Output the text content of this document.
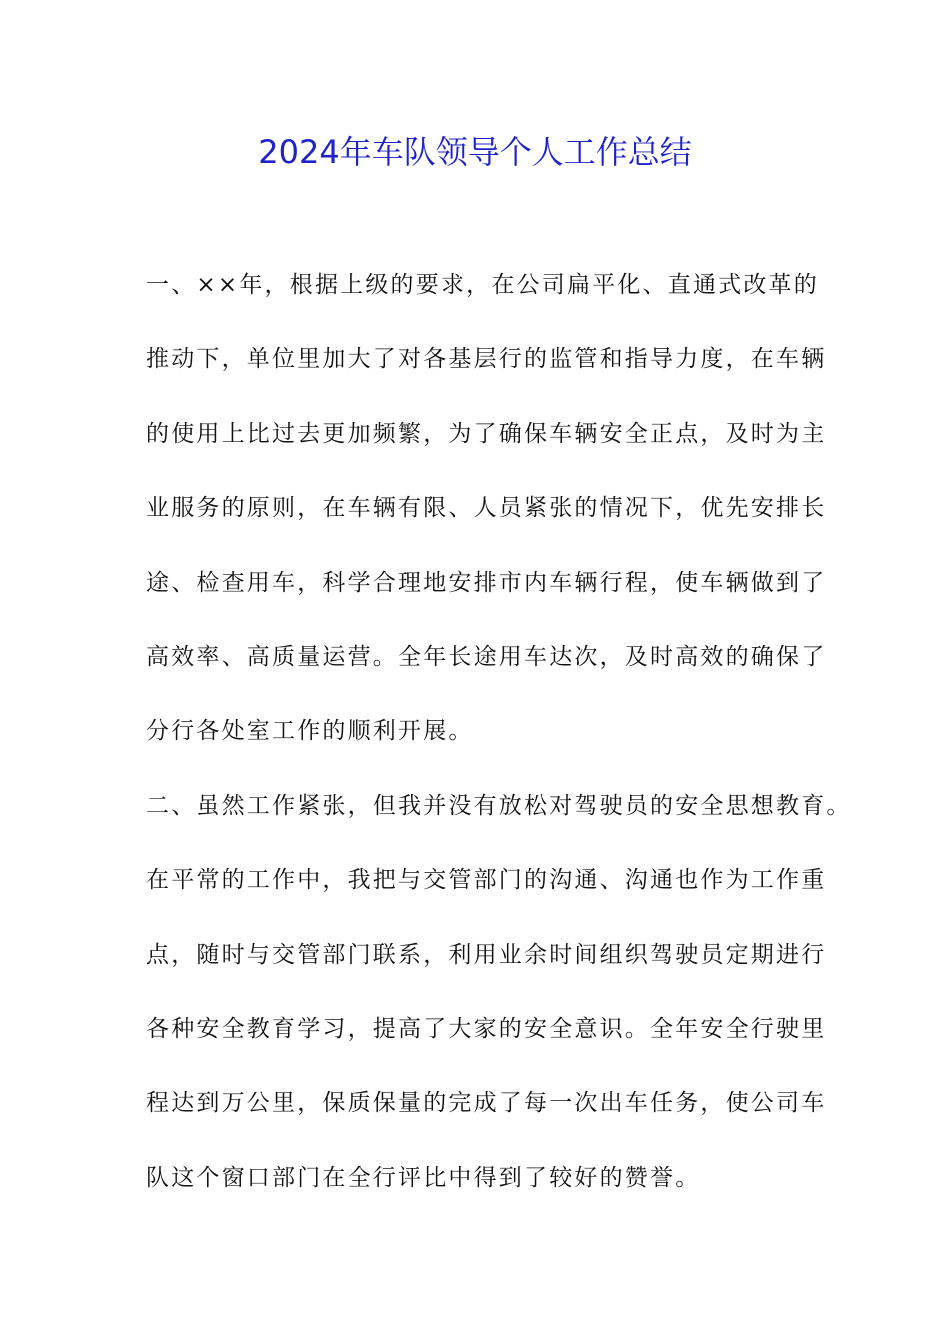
2024年车队领导个人工作总结
一、××年，根据上级的要求，在公司扁平化、直通式改革的
推动下，单位里加大了对各基层行的监管和指导力度，在车辆
的使用上比过去更加频繁，为了确保车辆安全正点，及时为主
业服务的原则，在车辆有限、人员紧张的情况下，优先安排长
途、检查用车，科学合理地安排市内车辆行程，使车辆做到了
高效率、高质量运营。全年长途用车达次，及时高效的确保了
分行各处室工作的顺利开展。
二、虽然工作紧张，但我并没有放松对驾驶员的安全思想教育。
在平常的工作中，我把与交管部门的沟通、沟通也作为工作重
点，随时与交管部门联系，利用业余时间组织驾驶员定期进行
各种安全教育学习，提高了大家的安全意识。全年安全行驶里
程达到万公里，保质保量的完成了每一次出车任务，使公司车
队这个窗口部门在全行评比中得到了较好的赞誉。
